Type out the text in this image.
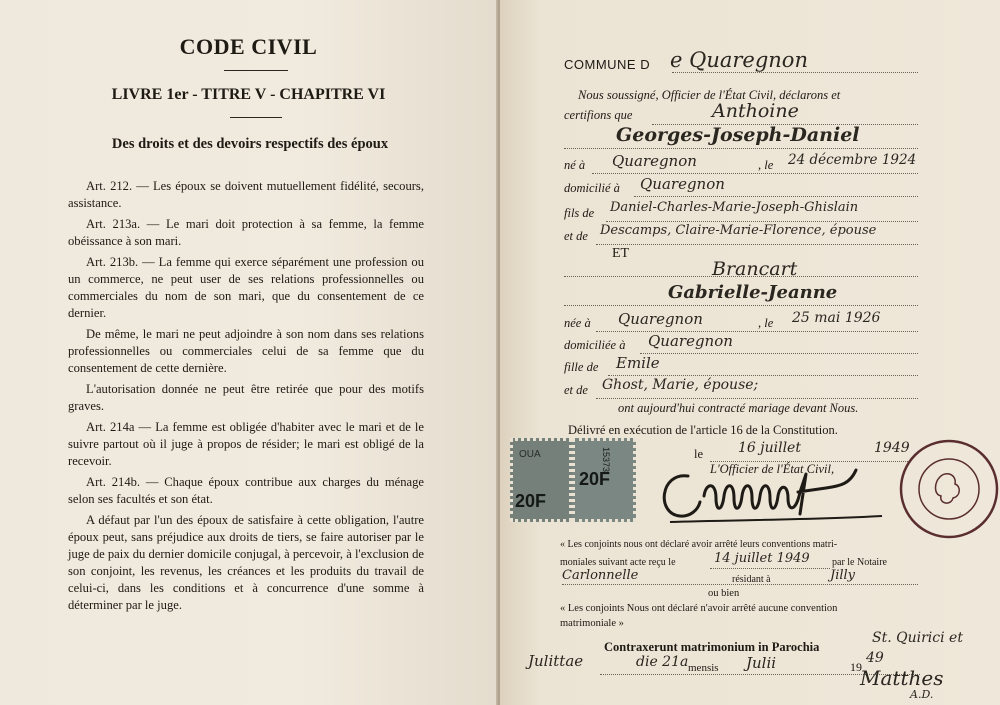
CODE CIVIL
LIVRE 1er - TITRE V - CHAPITRE VI
Des droits et des devoirs respectifs des époux

Art. 212. — Les époux se doivent mutuellement fidélité, secours, assistance.

Art. 213a. — Le mari doit protection à sa femme, la femme obéissance à son mari.

Art. 213b. — La femme qui exerce séparément une profession ou un commerce, ne peut user de ses relations professionnelles ou commerciales du nom de son mari, que du consentement de ce dernier.

De même, le mari ne peut adjoindre à son nom dans ses relations professionnelles ou commerciales celui de sa femme que du consentement de cette dernière.

L'autorisation donnée ne peut être retirée que pour des motifs graves.

Art. 214a — La femme est obligée d'habiter avec le mari et de le suivre partout où il juge à propos de résider; le mari est obligé de la recevoir.

Art. 214b. — Chaque époux contribue aux charges du ménage selon ses facultés et son état.

A défaut par l'un des époux de satisfaire à cette obligation, l'autre époux peut, sans préjudice aux droits de tiers, se faire autoriser par le juge de paix du dernier domicile conjugal, à percevoir, à l'exclusion de son conjoint, les revenus, les créances et les produits du travail de celui-ci, dans les conditions et à concurrence d'une somme à déterminer par le juge.

COMMUNE D e Quaregnon
Nous soussigné, Officier de l'État Civil, déclarons et
certifions que	Anthoine
Georges-Joseph-Daniel
né à Quaregnon	, le 24 décembre 1924
domicilié à Quaregnon
fils de Daniel-Charles-Marie-Joseph-Ghislain
et de Descamps, Claire-Marie-Florence, épouse
ET
Brancart
Gabrielle-Jeanne
née à Quaregnon	, le 25 mai 1926
domiciliée à Quaregnon
fille de Emile
et de Ghost, Marie, épouse;
ont aujourd'hui contracté mariage devant Nous.
Délivré en exécution de l'article 16 de la Constitution.
le 16 juillet	1949
L'Officier de l'État Civil,
20F
OUA
20F
15373
« Les conjoints nous ont déclaré avoir arrêté leurs conventions matri-
moniales suivant acte reçu le	14 juillet 1949 par le Notaire
Carlonnelle	résidant à	Jilly
ou bien
« Les conjoints Nous ont déclaré n'avoir arrêté aucune convention
matrimoniale »
Contraxerunt matrimonium in Parochia
St. Quirici et
Julittae	die 21a mensis Julii	19
49
Matthes
A.D.
